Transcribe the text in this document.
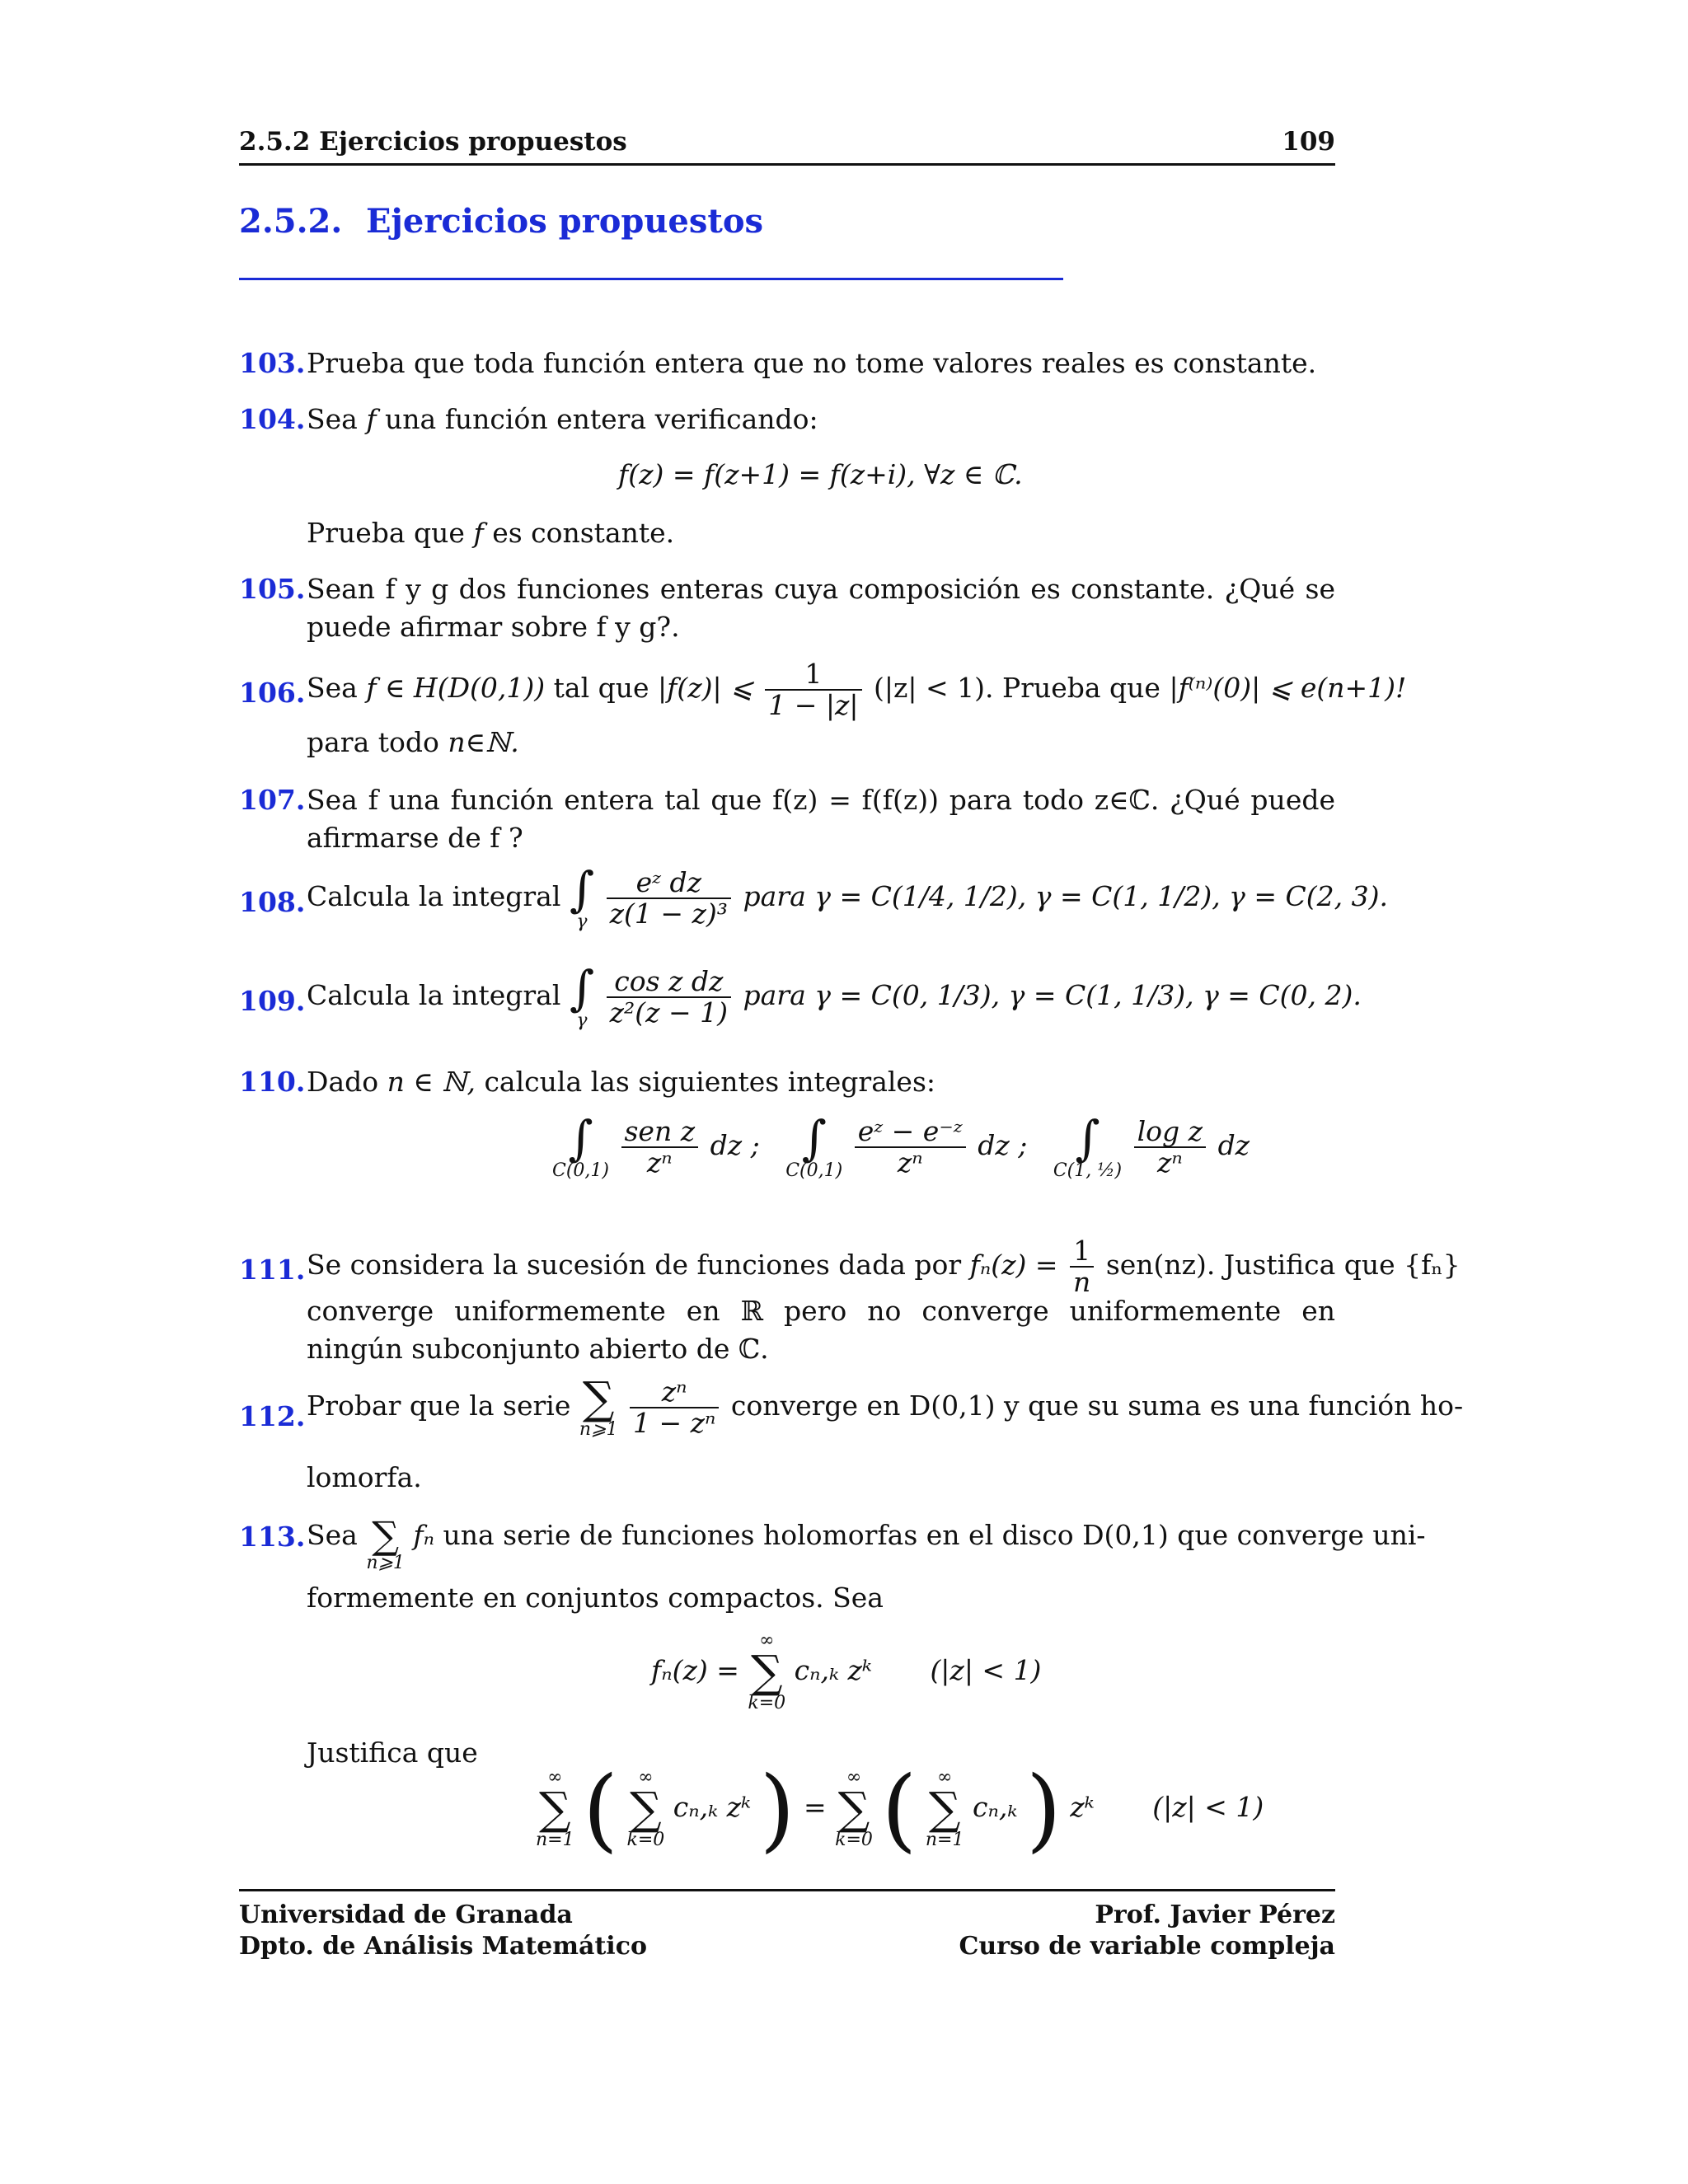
2.5.2 Ejercicios propuestos	109
2.5.2. Ejercicios propuestos
103. Prueba que toda función entera que no tome valores reales es constante.
104. Sea f una función entera verificando:
f(z) = f(z+1) = f(z+i), ∀z ∈ ℂ.
Prueba que f es constante.
105. Sean f y g dos funciones enteras cuya composición es constante. ¿Qué se puede afirmar sobre f y g?.
106. Sea f ∈ H(D(0,1)) tal que |f(z)| ⩽ $\frac{1}{1 - |z|} (|z| < 1)$. Prueba que |f⁽ⁿ⁾(0)| ⩽ e(n+1)!
para todo n∈ℕ.
107. Sea f una función entera tal que f(z) = f(f(z)) para todo z∈ℂ. ¿Qué puede afirmarse de f ?
108. Calcula la integral ∫
γ
$\frac{\text{eᶻ dz}}{\text{z(1 − z)³}}$ para γ = C(1/4, 1/2), γ = C(1, 1/2), γ = C(2, 3).
109. Calcula la integral ∫
γ
$\frac{\text{cos z dz}}{\text{z²(z − 1)}}$ para γ = C(0, 1/3), γ = C(1, 1/3), γ = C(0, 2).
110. Dado n ∈ ℕ, calcula las siguientes integrales:
∫
C(0,1)
$\frac{\text{sen z}}{\text{zⁿ}}$ dz ; ∫
C(0,1)
$\frac{\text{eᶻ − e⁻ᶻ}}{\text{zⁿ}}$ dz ;	∫
C(1, ½)
$\frac{\text{log z}}{\text{zⁿ}}$ dz
111. Se considera la sucesión de funciones dada por $f_n(z) = \frac{1}{n} sen(nz)$. Justifica que {fₙ}
converge uniformemente en ℝ pero no converge uniformemente en ningún subconjunto abierto de ℂ.
112. Probar que la serie ∑
n⩾1
$\frac{\text{zⁿ}}{\text{1 − zⁿ}}$ converge en D(0,1) y que su suma es una función ho-
lomorfa.
113. Sea ∑
n⩾1
fₙ una serie de funciones holomorfas en el disco D(0,1) que converge uni-
formemente en conjuntos compactos. Sea
fₙ(z) =
∞
∑
k=0
cₙ,ₖ zᵏ (|z| < 1)
Justifica que
∞
∑
n=1 (	∞
∑
k=0
cₙ,ₖ zᵏ ) =
∞
∑
k=0 (	∞
∑
n=1
cₙ,ₖ ) zᵏ (|z| < 1)
Universidad de Granada
Dpto. de Análisis Matemático
Prof. Javier Pérez
Curso de variable compleja
